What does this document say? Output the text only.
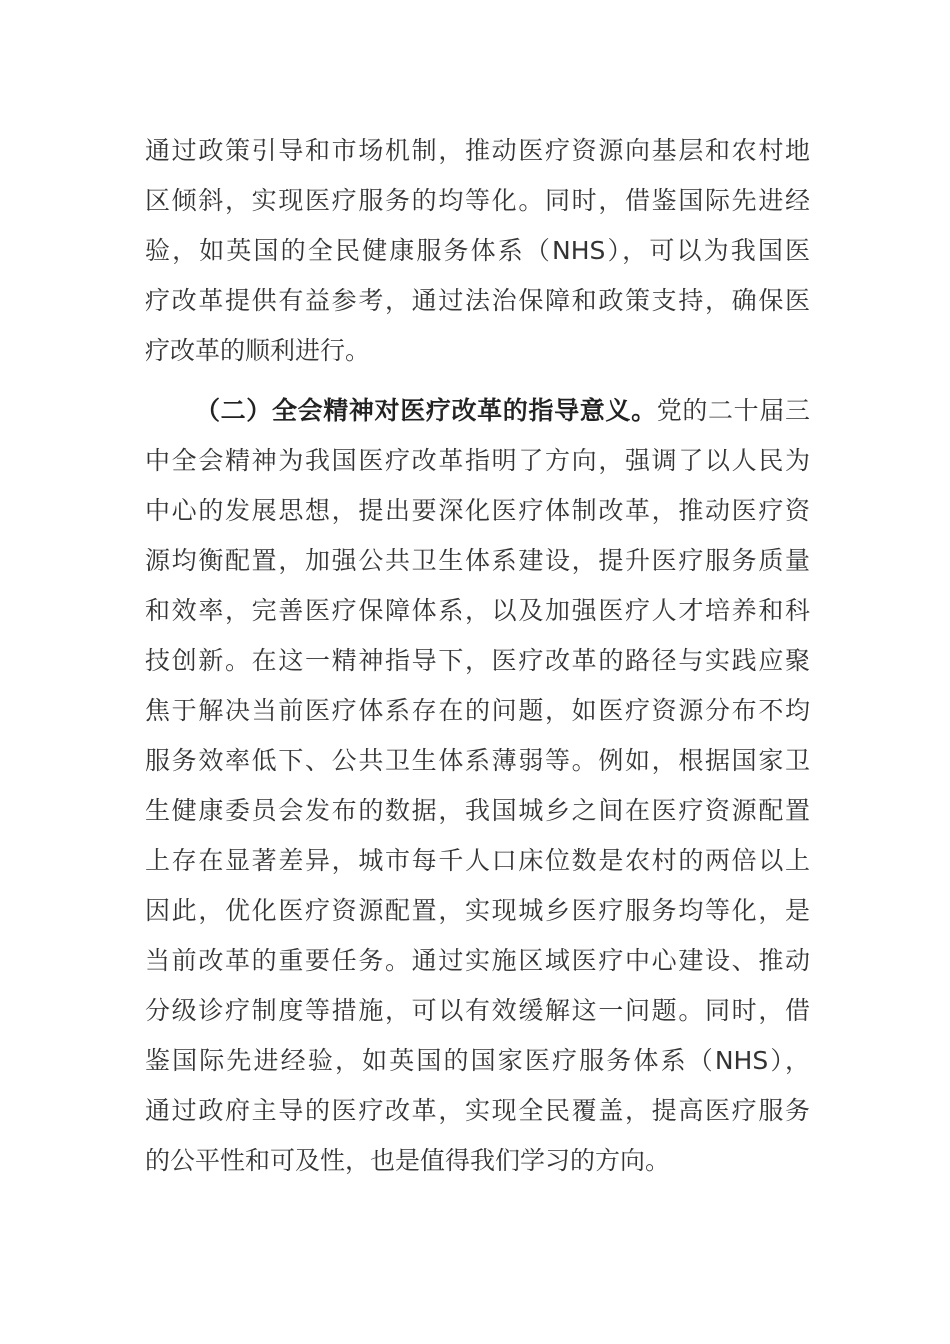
通过政策引导和市场机制，推动医疗资源向基层和农村地
区倾斜，实现医疗服务的均等化。同时，借鉴国际先进经
验，如英国的全民健康服务体系（NHS），可以为我国医
疗改革提供有益参考，通过法治保障和政策支持，确保医
疗改革的顺利进行。
（二）全会精神对医疗改革的指导意义。党的二十届三
中全会精神为我国医疗改革指明了方向，强调了以人民为
中心的发展思想，提出要深化医疗体制改革，推动医疗资
源均衡配置，加强公共卫生体系建设，提升医疗服务质量
和效率，完善医疗保障体系，以及加强医疗人才培养和科
技创新。在这一精神指导下，医疗改革的路径与实践应聚
焦于解决当前医疗体系存在的问题，如医疗资源分布不均
服务效率低下、公共卫生体系薄弱等。例如，根据国家卫
生健康委员会发布的数据，我国城乡之间在医疗资源配置
上存在显著差异，城市每千人口床位数是农村的两倍以上
因此，优化医疗资源配置，实现城乡医疗服务均等化，是
当前改革的重要任务。通过实施区域医疗中心建设、推动
分级诊疗制度等措施，可以有效缓解这一问题。同时，借
鉴国际先进经验，如英国的国家医疗服务体系（NHS），
通过政府主导的医疗改革，实现全民覆盖，提高医疗服务
的公平性和可及性，也是值得我们学习的方向。
